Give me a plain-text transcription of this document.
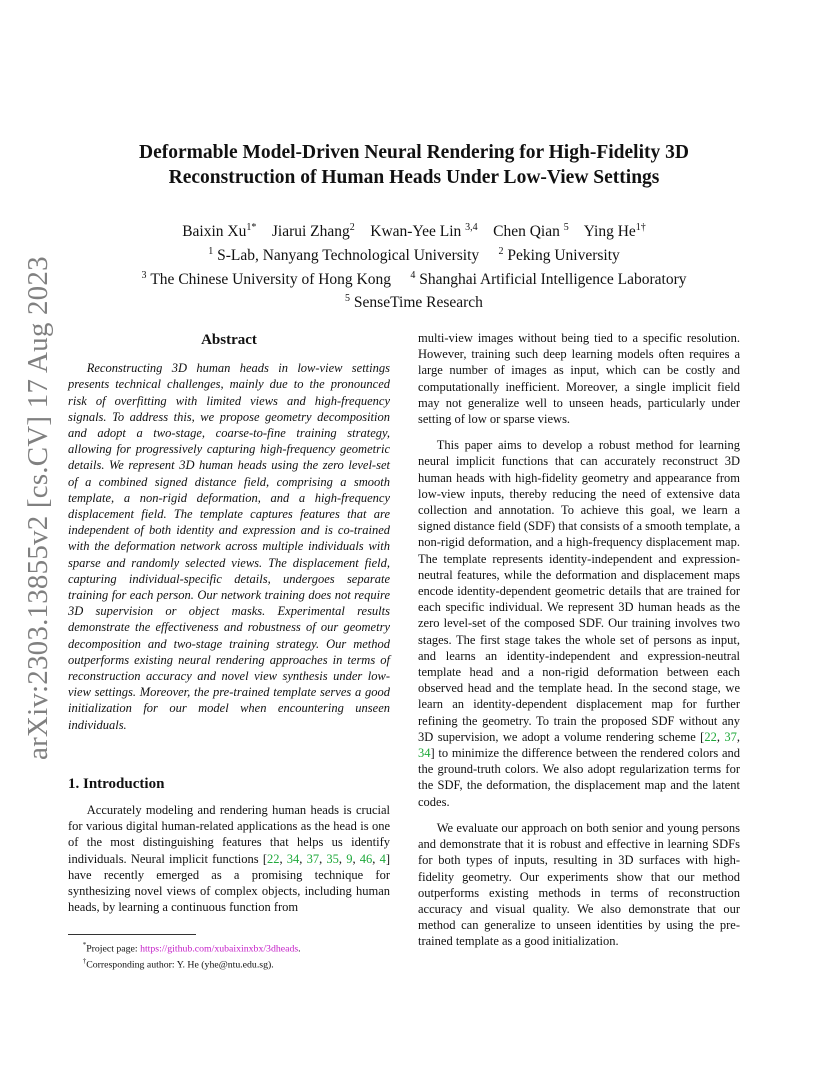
arXiv:2303.13855v2 [cs.CV] 17 Aug 2023
Deformable Model-Driven Neural Rendering for High-Fidelity 3D
Reconstruction of Human Heads Under Low-View Settings
Baixin $Xu^{1*}$ Jiarui Zhang$^2$ Kwan-Yee Lin $^{3,4}$ Chen Qian $^5$ Ying $He^{1\dagger}$
$^1$ S-Lab, Nanyang Technological University $^2$ Peking University
$^3$ The Chinese University of Hong Kong $^4$ Shanghai Artificial Intelligence Laboratory
$^5$ SenseTime Research
Abstract

Reconstructing 3D human heads in low-view settings presents technical challenges, mainly due to the pronounced risk of overfitting with limited views and high-frequency signals. To address this, we propose geometry decomposition and adopt a two-stage, coarse-to-fine training strategy, allowing for progressively capturing high-frequency geometric details. We represent 3D human heads using the zero level-set of a combined signed distance field, comprising a smooth template, a non-rigid deformation, and a high-frequency displacement field. The template captures features that are independent of both identity and expression and is co-trained with the deformation network across multiple individuals with sparse and randomly selected views. The displacement field, capturing individual-specific details, undergoes separate training for each person. Our network training does not require 3D supervision or object masks. Experimental results demonstrate the effectiveness and robustness of our geometry decomposition and two-stage training strategy. Our method outperforms existing neural rendering approaches in terms of reconstruction accuracy and novel view synthesis under low-view settings. Moreover, the pre-trained template serves a good initialization for our model when encountering unseen individuals.

1. Introduction

Accurately modeling and rendering human heads is crucial for various digital human-related applications as the head is one of the most distinguishing features that helps us identify individuals. Neural implicit functions [22, 34, 37, 35, 9, 46, 4] have recently emerged as a promising technique for synthesizing novel views of complex objects, including human heads, by learning a continuous function from

multi-view images without being tied to a specific resolution. However, training such deep learning models often requires a large number of images as input, which can be costly and computationally inefficient. Moreover, a single implicit field may not generalize well to unseen heads, particularly under setting of low or sparse views.

This paper aims to develop a robust method for learning neural implicit functions that can accurately reconstruct 3D human heads with high-fidelity geometry and appearance from low-view inputs, thereby reducing the need of extensive data collection and annotation. To achieve this goal, we learn a signed distance field (SDF) that consists of a smooth template, a non-rigid deformation, and a high-frequency displacement map. The template represents identity-independent and expression-neutral features, while the deformation and displacement maps encode identity-dependent geometric details that are trained for each specific individual. We represent 3D human heads as the zero level-set of the composed SDF. Our training involves two stages. The first stage takes the whole set of persons as input, and learns an identity-independent and expression-neutral template head and a non-rigid deformation between each observed head and the template head. In the second stage, we learn an identity-dependent displacement map for further refining the geometry. To train the proposed SDF without any 3D supervision, we adopt a volume rendering scheme [22, 37, 34] to minimize the difference between the rendered colors and the ground-truth colors. We also adopt regularization terms for the SDF, the deformation, the displacement map and the latent codes.

We evaluate our approach on both senior and young persons and demonstrate that it is robust and effective in learning SDFs for both types of inputs, resulting in 3D surfaces with high-fidelity geometry. Our experiments show that our method outperforms existing methods in terms of reconstruction accuracy and visual quality. We also demonstrate that our method can generalize to unseen identities by using the pre-trained template as a good initialization.

*Project page: https://github.com/xubaixinxbx/3dheads.

†Corresponding author: Y. He (yhe@ntu.edu.sg).
